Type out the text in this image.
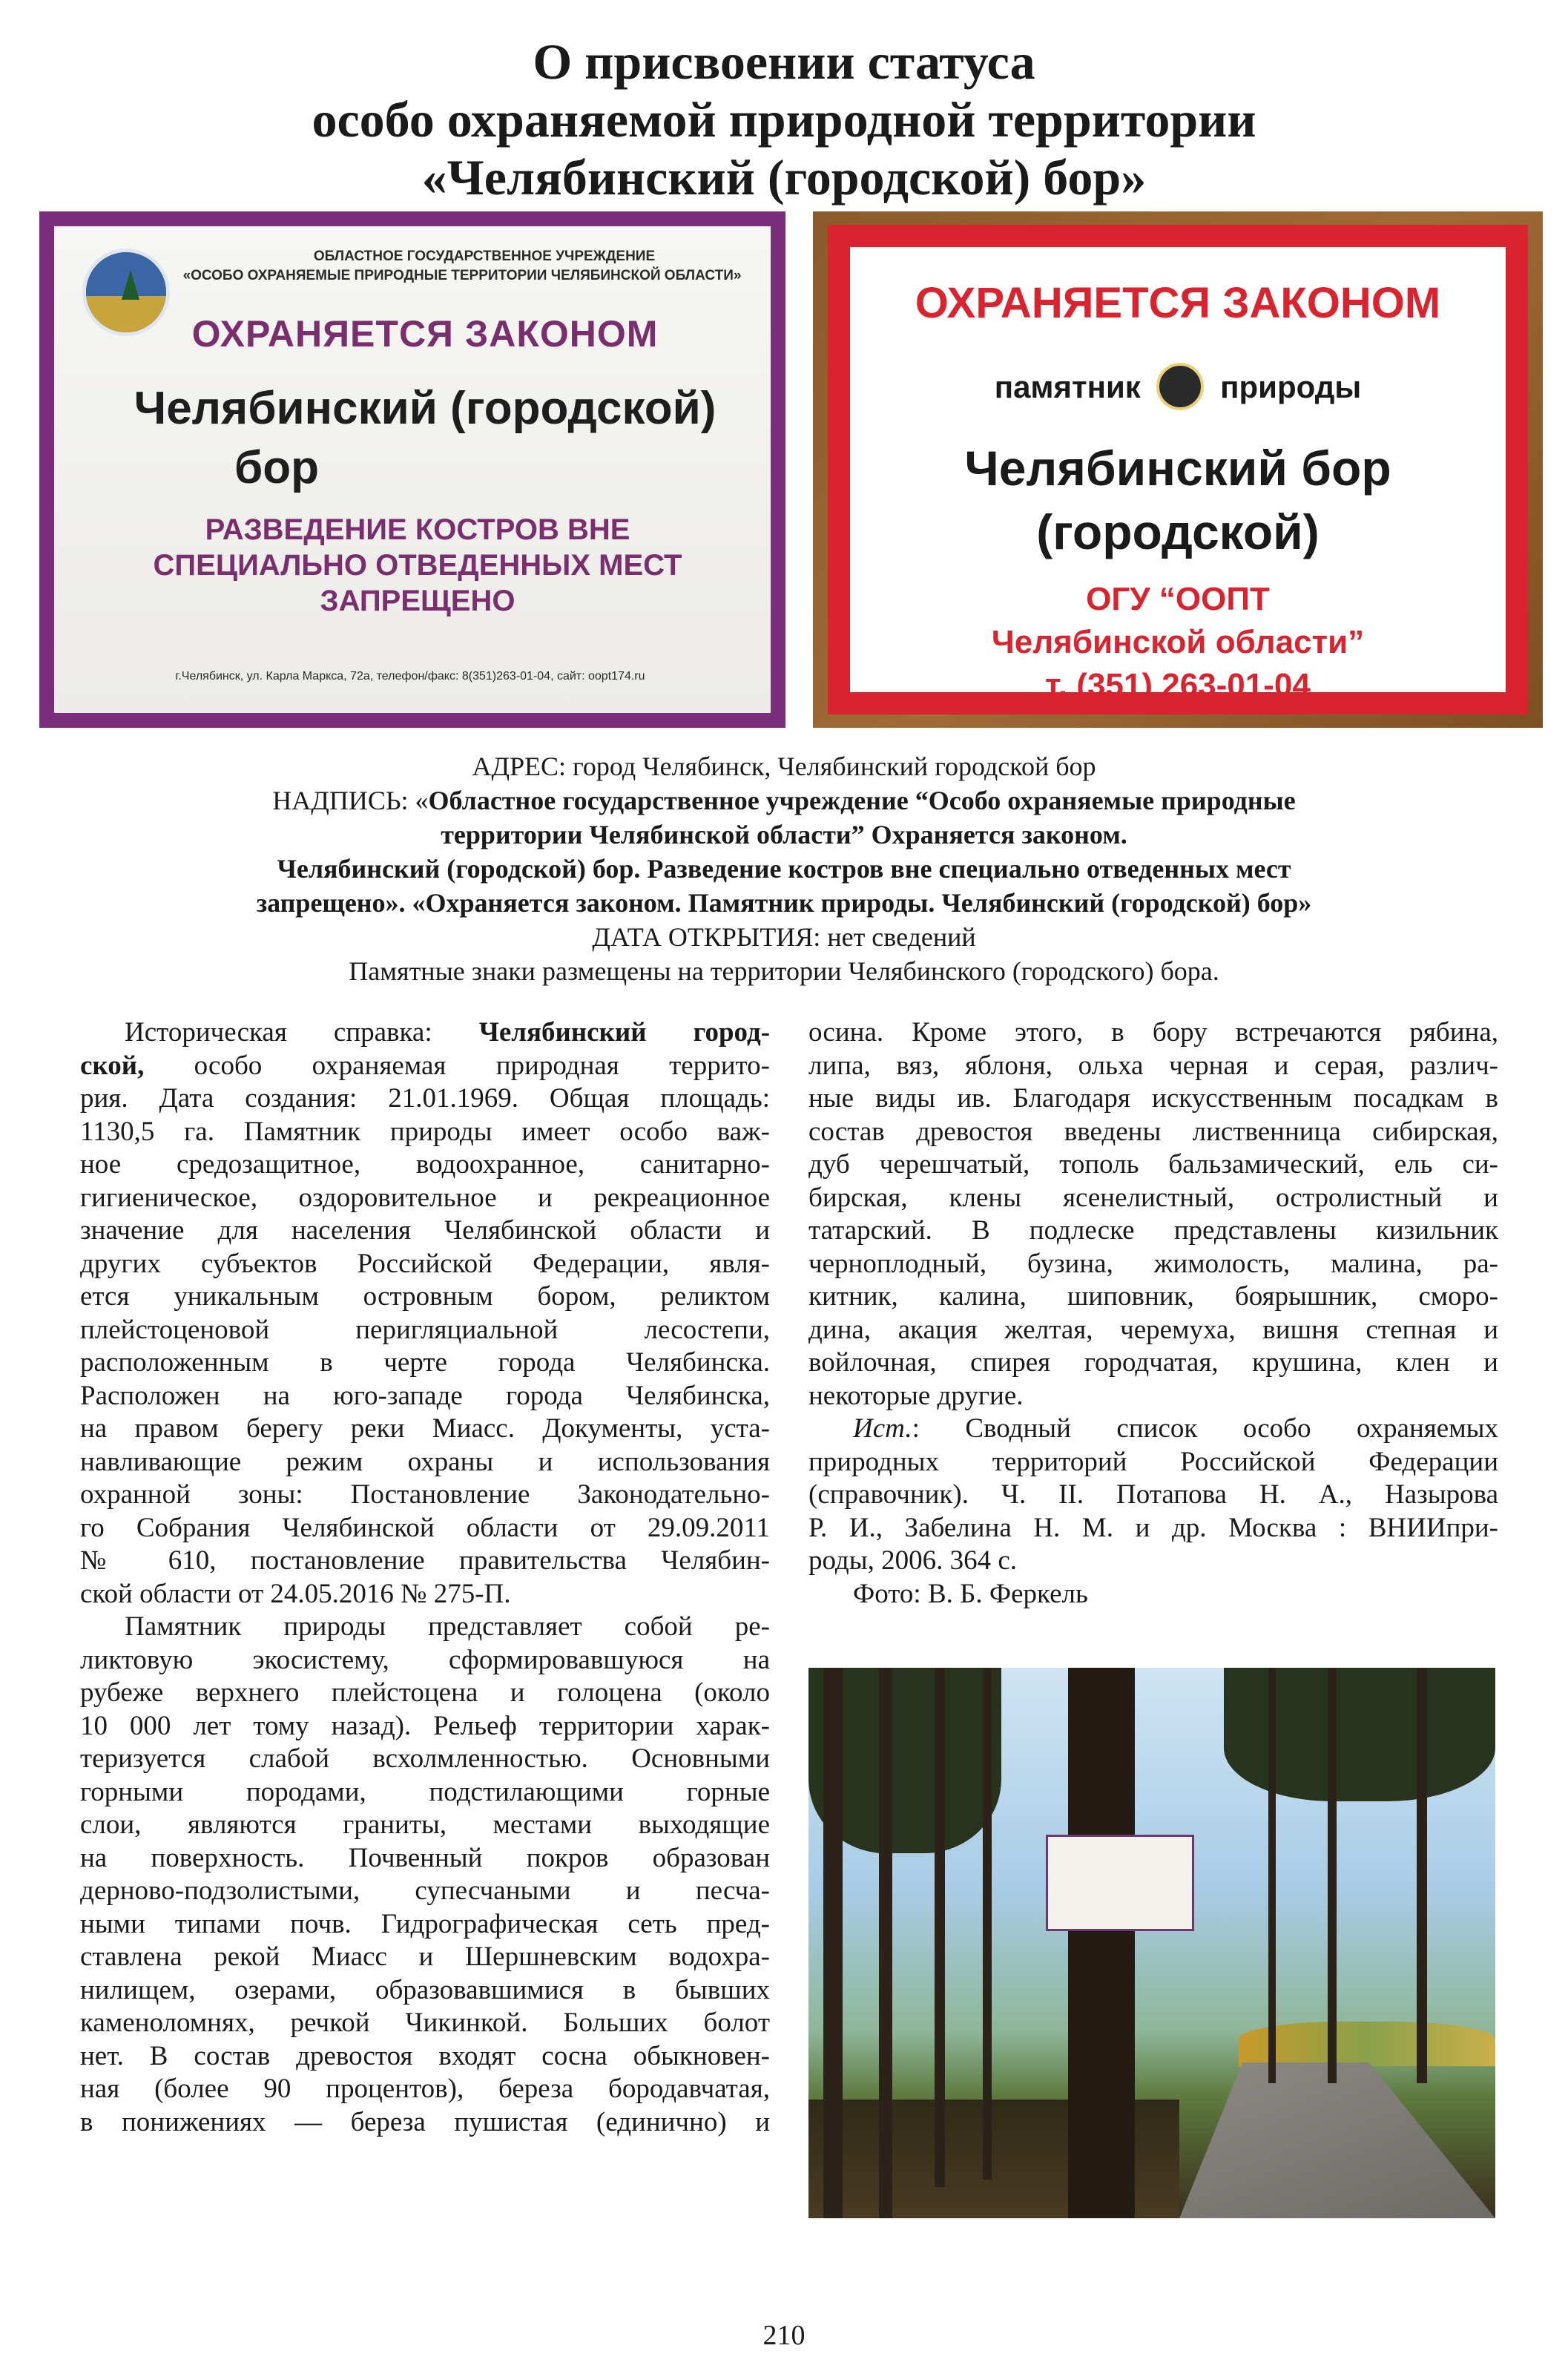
О присвоении статуса
особо охраняемой природной территории
«Челябинский (городской) бор»
ОБЛАСТНОЕ ГОСУДАРСТВЕННОЕ УЧРЕЖДЕНИЕ
«ОСОБО ОХРАНЯЕМЫЕ ПРИРОДНЫЕ ТЕРРИТОРИИ ЧЕЛЯБИНСКОЙ ОБЛАСТИ»
ОХРАНЯЕТСЯ ЗАКОНОМ
Челябинский (городской)
бор
РАЗВЕДЕНИЕ КОСТРОВ ВНЕ
СПЕЦИАЛЬНО ОТВЕДЕННЫХ МЕСТ
ЗАПРЕЩЕНО
г.Челябинск, ул. Карла Маркса, 72а, телефон/факс: 8(351)263-01-04, сайт: oopt174.ru
ОХРАНЯЕТСЯ ЗАКОНОМ
памятник	природы
Челябинский бор
(городской)
ОГУ “ООПТ
Челябинской области”
т. (351) 263-01-04
АДРЕС: город Челябинск, Челябинский городской бор
НАДПИСЬ: «Областное государственное учреждение “Особо охраняемые природные
территории Челябинской области” Охраняется законом.
Челябинский (городской) бор. Разведение костров вне специально отведенных мест
запрещено». «Охраняется законом. Памятник природы. Челябинский (городской) бор»
ДАТА ОТКРЫТИЯ: нет сведений
Памятные знаки размещены на территории Челябинского (городского) бора.
Историческая справка: Челябинский город-
ской, особо охраняемая природная террито-
рия. Дата создания: 21.01.1969. Общая площадь:
1130,5 га. Памятник природы имеет особо важ-
ное средозащитное, водоохранное, санитарно-
гигиеническое, оздоровительное и рекреационное
значение для населения Челябинской области и
других субъектов Российской Федерации, явля-
ется уникальным островным бором, реликтом
плейстоценовой перигляциальной лесостепи,
расположенным в черте города Челябинска.
Расположен на юго-западе города Челябинска,
на правом берегу реки Миасс. Документы, уста-
навливающие режим охраны и использования
охранной зоны: Постановление Законодательно-
го Собрания Челябинской области от 29.09.2011
№ 610, постановление правительства Челябин-
ской области от 24.05.2016 № 275-П.
Памятник природы представляет собой ре-
ликтовую экосистему, сформировавшуюся на
рубеже верхнего плейстоцена и голоцена (около
10 000 лет тому назад). Рельеф территории харак-
теризуется слабой всхолмленностью. Основными
горными породами, подстилающими горные
слои, являются граниты, местами выходящие
на поверхность. Почвенный покров образован
дерново-подзолистыми, супесчаными и песча-
ными типами почв. Гидрографическая сеть пред-
ставлена рекой Миасс и Шершневским водохра-
нилищем, озерами, образовавшимися в бывших
каменоломнях, речкой Чикинкой. Больших болот
нет. В состав древостоя входят сосна обыкновен-
ная (более 90 процентов), береза бородавчатая,
в понижениях — береза пушистая (единично) и
осина. Кроме этого, в бору встречаются рябина,
липа, вяз, яблоня, ольха черная и серая, различ-
ные виды ив. Благодаря искусственным посадкам в
состав древостоя введены лиственница сибирская,
дуб черешчатый, тополь бальзамический, ель си-
бирская, клены ясенелистный, остролистный и
татарский. В подлеске представлены кизильник
черноплодный, бузина, жимолость, малина, ра-
китник, калина, шиповник, боярышник, сморо-
дина, акация желтая, черемуха, вишня степная и
войлочная, спирея городчатая, крушина, клен и
некоторые другие.
Ист.: Сводный список особо охраняемых
природных территорий Российской Федерации
(справочник). Ч. II. Потапова Н. А., Назырова
Р. И., Забелина Н. М. и др. Москва : ВНИИпри-
роды, 2006. 364 с.
Фото: В. Б. Феркель
210
